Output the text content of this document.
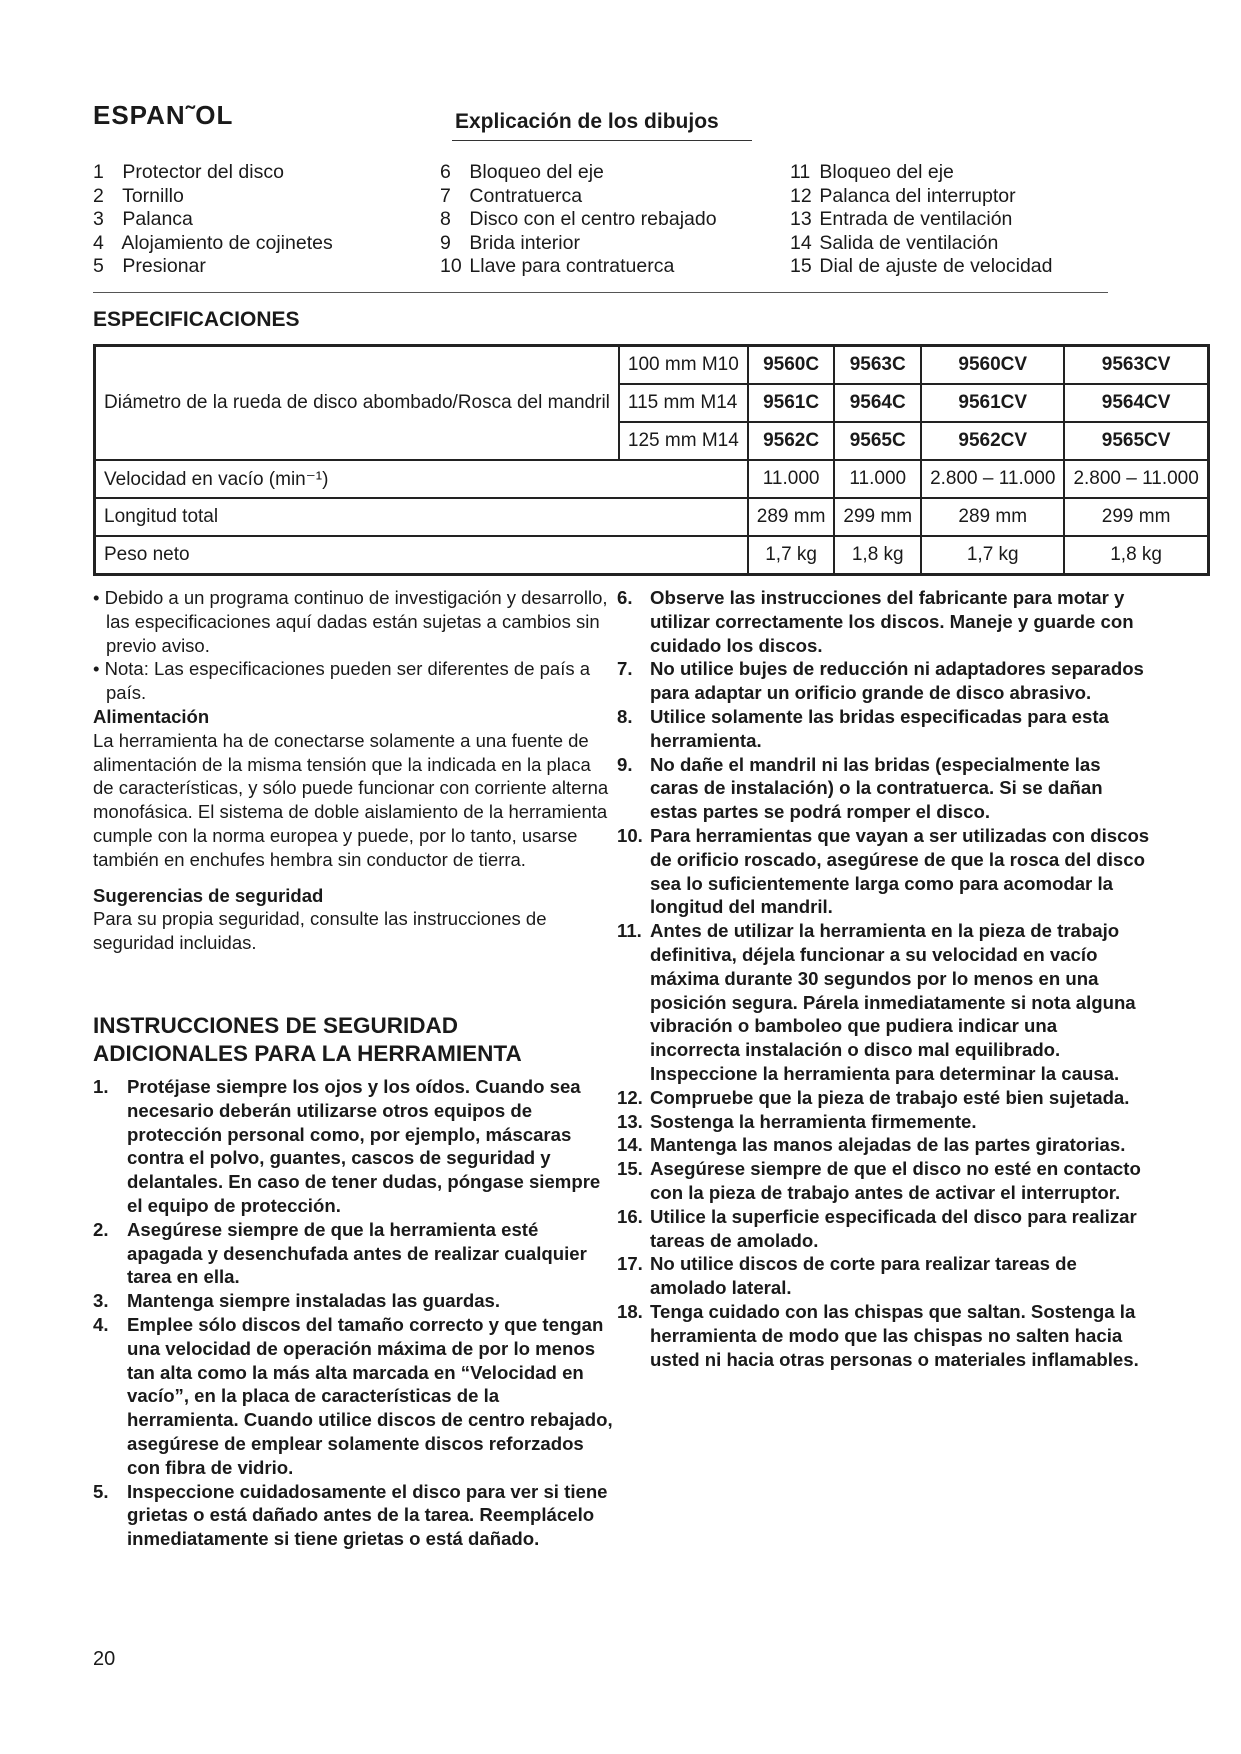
ESPAN˜OL	Explicación de los dibujos
1 Protector del disco
2 Tornillo
3 Palanca
4 Alojamiento de cojinetes
5 Presionar
6 Bloqueo del eje
7 Contratuerca
8 Disco con el centro rebajado
9 Brida interior
10 Llave para contratuerca
11 Bloqueo del eje
12 Palanca del interruptor
13 Entrada de ventilación
14 Salida de ventilación
15 Dial de ajuste de velocidad
ESPECIFICACIONES
Diámetro de la rueda de disco abombado/Rosca del mandril	100 mm M10	9560C	9563C	9560CV	9563CV
	115 mm M14	9561C	9564C	9561CV	9564CV
	125 mm M14	9562C	9565C	9562CV	9565CV
Velocidad en vacío (min⁻¹)		11.000	11.000	2.800 – 11.000	2.800 – 11.000
Longitud total		289 mm	299 mm	289 mm	299 mm
Peso neto		1,7 kg	1,8 kg	1,7 kg	1,8 kg

• Debido a un programa continuo de investigación y desarrollo, las especificaciones aquí dadas están sujetas a cambios sin previo aviso.

• Nota: Las especificaciones pueden ser diferentes de país a país.

Alimentación

La herramienta ha de conectarse solamente a una fuente de alimentación de la misma tensión que la indicada en la placa de características, y sólo puede funcionar con corriente alterna monofásica. El sistema de doble aislamiento de la herramienta cumple con la norma europea y puede, por lo tanto, usarse también en enchufes hembra sin conductor de tierra.

Sugerencias de seguridad

Para su propia seguridad, consulte las instrucciones de seguridad incluidas.

INSTRUCCIONES DE SEGURIDAD
ADICIONALES PARA LA HERRAMIENTA
1. Protéjase siempre los ojos y los oídos. Cuando sea necesario deberán utilizarse otros equipos de protección personal como, por ejemplo, máscaras contra el polvo, guantes, cascos de seguridad y delantales. En caso de tener dudas, póngase siempre el equipo de protección.
2. Asegúrese siempre de que la herramienta esté apagada y desenchufada antes de realizar cualquier tarea en ella.
3. Mantenga siempre instaladas las guardas.
4. Emplee sólo discos del tamaño correcto y que tengan una velocidad de operación máxima de por lo menos tan alta como la más alta marcada en “Velocidad en vacío”, en la placa de características de la herramienta. Cuando utilice discos de centro rebajado, asegúrese de emplear solamente discos reforzados con fibra de vidrio.
5. Inspeccione cuidadosamente el disco para ver si tiene grietas o está dañado antes de la tarea. Reemplácelo inmediatamente si tiene grietas o está dañado.
6. Observe las instrucciones del fabricante para motar y utilizar correctamente los discos. Maneje y guarde con cuidado los discos.
7. No utilice bujes de reducción ni adaptadores separados para adaptar un orificio grande de disco abrasivo.
8. Utilice solamente las bridas especificadas para esta herramienta.
9. No dañe el mandril ni las bridas (especialmente las caras de instalación) o la contratuerca. Si se dañan estas partes se podrá romper el disco.
10. Para herramientas que vayan a ser utilizadas con discos de orificio roscado, asegúrese de que la rosca del disco sea lo suficientemente larga como para acomodar la longitud del mandril.
11. Antes de utilizar la herramienta en la pieza de trabajo definitiva, déjela funcionar a su velocidad en vacío máxima durante 30 segundos por lo menos en una posición segura. Párela inmediatamente si nota alguna vibración o bamboleo que pudiera indicar una incorrecta instalación o disco mal equilibrado. Inspeccione la herramienta para determinar la causa.
12. Compruebe que la pieza de trabajo esté bien sujetada.
13. Sostenga la herramienta firmemente.
14. Mantenga las manos alejadas de las partes giratorias.
15. Asegúrese siempre de que el disco no esté en contacto con la pieza de trabajo antes de activar el interruptor.
16. Utilice la superficie especificada del disco para realizar tareas de amolado.
17. No utilice discos de corte para realizar tareas de amolado lateral.
18. Tenga cuidado con las chispas que saltan. Sostenga la herramienta de modo que las chispas no salten hacia usted ni hacia otras personas o materiales inflamables.
20
